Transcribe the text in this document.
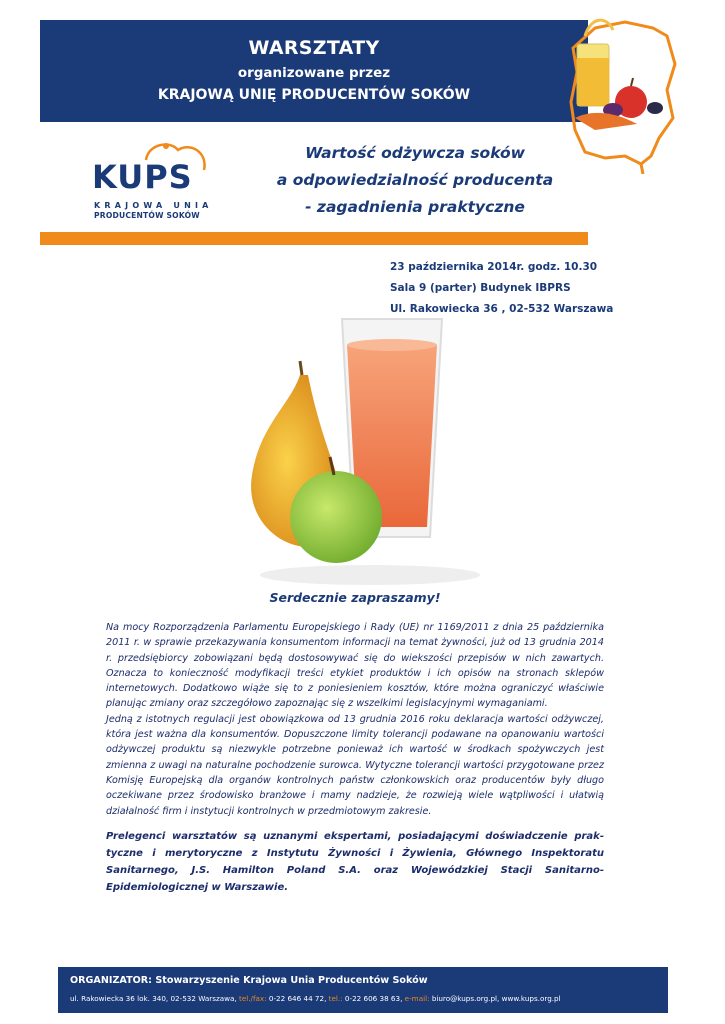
WARSZTATY
organizowane przez
KRAJOWĄ UNIĘ PRODUCENTÓW SOKÓW
KUPS
KRAJOWA UNIA
PRODUCENTÓW SOKÓW
Wartość odżywcza soków
a odpowiedzialność producenta
- zagadnienia praktyczne
23 października 2014r. godz. 10.30
Sala 9 (parter) Budynek IBPRS
Ul. Rakowiecka 36 , 02-532 Warszawa
Serdecznie zapraszamy!

Na mocy Rozporządzenia Parlamentu Europejskiego i Rady (UE) nr 1169/2011 z dnia 25 października 2011 r. w sprawie przekazywania konsumentom informacji na temat żywności, już od 13 grudnia 2014 r. przedsiębiorcy zobowiązani będą dostosowywać się do wiekszości przepisów w nich zawartych. Oznacza to konieczność modyfikacji treści etykiet produktów i ich opisów na stronach sklepów internetowych. Dodatkowo wiąże się to z poniesieniem kosztów, które można ograniczyć właściwie planując zmiany oraz szczegółowo zapoznając się z wszelkimi legislacyjnymi wymaganiami.

Jedną z istotnych regulacji jest obowiązkowa od 13 grudnia 2016 roku deklaracja wartości odżywczej, która jest ważna dla konsumentów. Dopuszczone limity tolerancji podawane na opanowaniu wartości odżywczej produktu są niezwykle potrzebne ponieważ ich wartość w środkach spożywczych jest zmienna z uwagi na naturalne pochodzenie surowca. Wytyczne tolerancji wartości przygotowane przez Komisję Europejską dla organów kontrolnych państw członkowskich oraz producentów były długo oczekiwane przez środowisko branżowe i mamy nadzieje, że rozwieją wiele wątpliwości i ułatwią działalność firm i instytucji kontrolnych w przedmiotowym zakresie.

Prelegenci warsztatów są uznanymi ekspertami, posiadającymi doświadczenie praktyczne i merytoryczne z Instytutu Żywności i Żywienia, Głównego Inspektoratu Sanitarnego, J.S. Hamilton Poland S.A. oraz Wojewódzkiej Stacji Sanitarno-Epidemiologicznej w Warszawie.

ORGANIZATOR: Stowarzyszenie Krajowa Unia Producentów Soków
ul. Rakowiecka 36 lok. 340, 02-532 Warszawa, tel./fax: 0-22 646 44 72, tel.: 0-22 606 38 63, e-mail: biuro@kups.org.pl, www.kups.org.pl
